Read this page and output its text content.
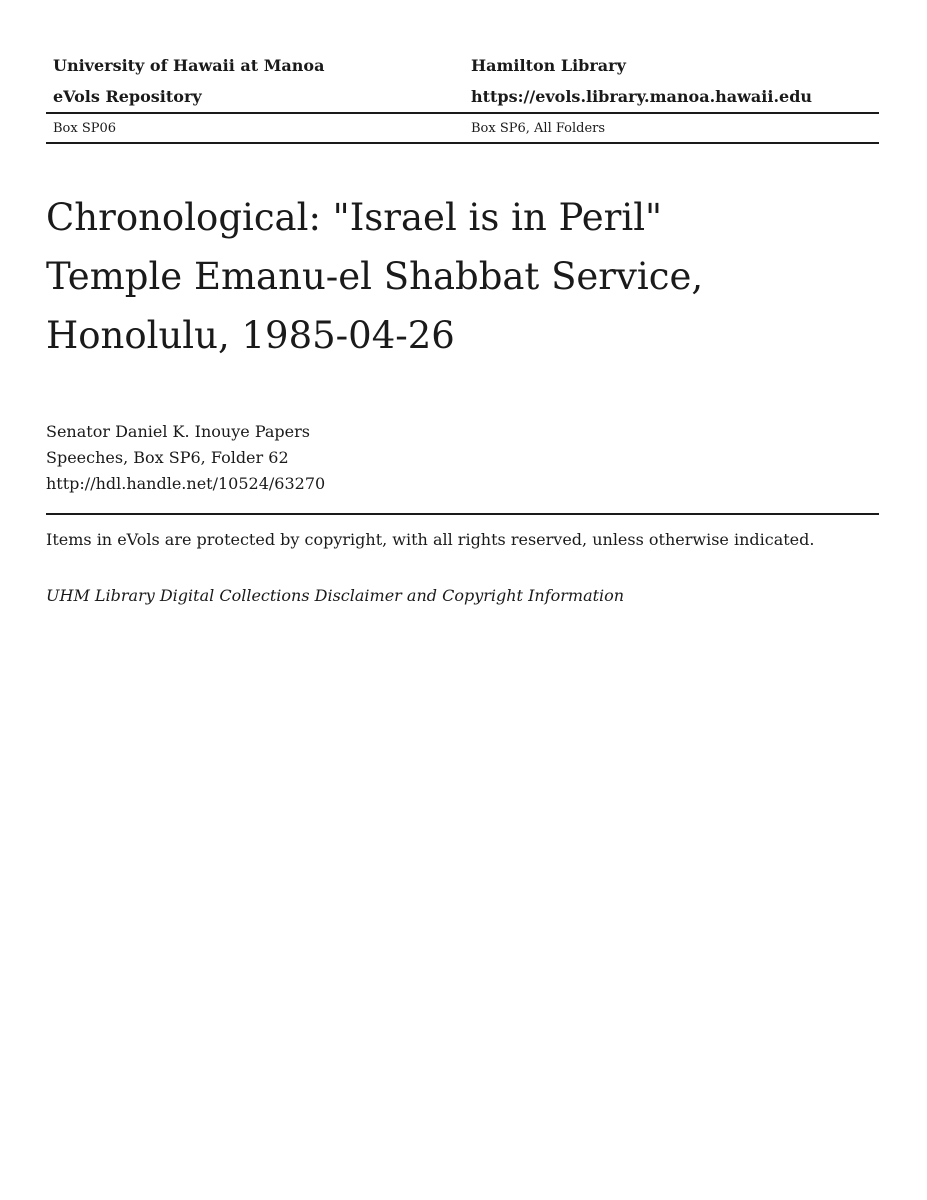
University of Hawaii at Manoa	Hamilton Library
eVols Repository	https://evols.library.manoa.hawaii.edu
Box SP06	Box SP6, All Folders
Chronological: "Israel is in Peril"
Temple Emanu-el Shabbat Service,
Honolulu, 1985-04-26
Senator Daniel K. Inouye Papers
Speeches, Box SP6, Folder 62
http://hdl.handle.net/10524/63270
Items in eVols are protected by copyright, with all rights reserved, unless otherwise indicated.
UHM Library Digital Collections Disclaimer and Copyright Information
